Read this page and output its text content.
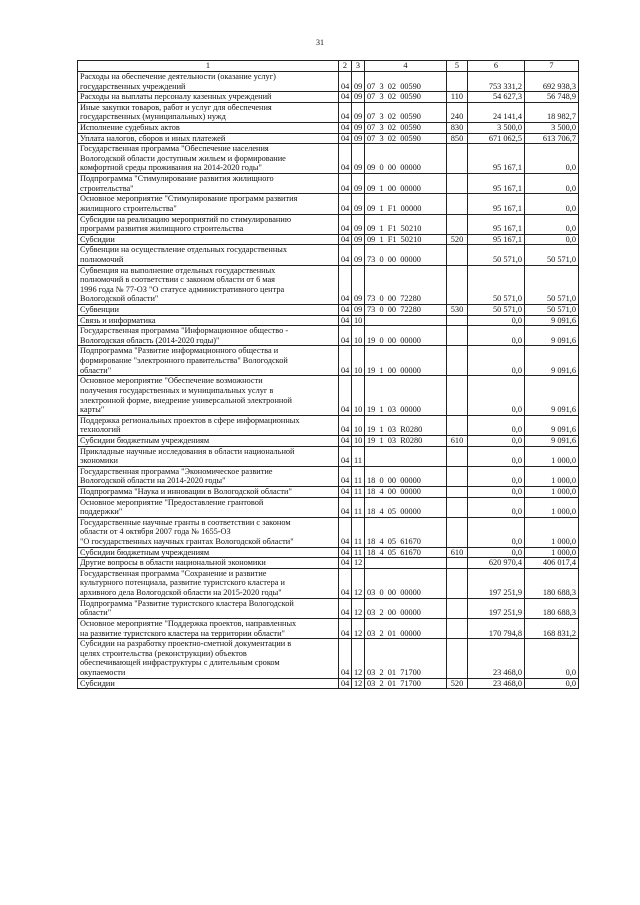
31
1	2	3	4	5	6	7

Расходы на обеспечение деятельности (оказание услуг)
государственных учреждений	04	09	07  3  02  00590		753 331,2	692 938,3

Расходы на выплаты персоналу казенных учреждений	04	09	07  3  02  00590	110	54 627,3	56 748,9

Иные закупки товаров, работ и услуг для обеспечения
государственных (муниципальных) нужд	04	09	07  3  02  00590	240	24 141,4	18 982,7

Исполнение судебных актов	04	09	07  3  02  00590	830	3 500,0	3 500,0

Уплата налогов, сборов и иных платежей	04	09	07  3  02  00590	850	671 062,5	613 706,7

Государственная программа "Обеспечение населения
Вологодской области доступным жильем и формирование
комфортной среды проживания на 2014-2020 годы"	04	09	09  0  00  00000		95 167,1	0,0

Подпрограмма "Стимулирование развития жилищного
строительства"	04	09	09  1  00  00000		95 167,1	0,0

Основное мероприятие "Стимулирование программ развития
жилищного строительства"	04	09	09  1  F1  00000		95 167,1	0,0

Субсидии на реализацию мероприятий по стимулированию
программ развития жилищного строительства	04	09	09  1  F1  50210		95 167,1	0,0

Субсидии	04	09	09  1  F1  50210	520	95 167,1	0,0

Субвенции на осуществление отдельных государственных
полномочий	04	09	73  0  00  00000		50 571,0	50 571,0

Субвенция на выполнение отдельных государственных
полномочий в соответствии с законом области от 6 мая
1996 года № 77-ОЗ "О статусе административного центра
Вологодской области"	04	09	73  0  00  72280		50 571,0	50 571,0

Субвенции	04	09	73  0  00  72280	530	50 571,0	50 571,0

Связь и информатика	04	10			0,0	9 091,6

Государственная программа "Информационное общество -
Вологодская область (2014-2020 годы)"	04	10	19  0  00  00000		0,0	9 091,6

Подпрограмма "Развитие информационного общества и
формирование "электронного правительства" Вологодской
области"	04	10	19  1  00  00000		0,0	9 091,6

Основное мероприятие "Обеспечение возможности
получения государственных и муниципальных услуг в
электронной форме, внедрение универсальной электронной
карты"	04	10	19  1  03  00000		0,0	9 091,6

Поддержка региональных проектов в сфере информационных
технологий	04	10	19  1  03  R0280		0,0	9 091,6

Субсидии бюджетным учреждениям	04	10	19  1  03  R0280	610	0,0	9 091,6

Прикладные научные исследования в области национальной
экономики	04	11			0,0	1 000,0

Государственная программа "Экономическое развитие
Вологодской области на 2014-2020 годы"	04	11	18  0  00  00000		0,0	1 000,0

Подпрограмма "Наука и инновации в Вологодской области"	04	11	18  4  00  00000		0,0	1 000,0

Основное мероприятие "Предоставление грантовой
поддержки"	04	11	18  4  05  00000		0,0	1 000,0

Государственные научные гранты в соответствии с законом
области от 4 октября 2007 года № 1655-ОЗ
"О государственных научных грантах Вологодской области"	04	11	18  4  05  61670		0,0	1 000,0

Субсидии бюджетным учреждениям	04	11	18  4  05  61670	610	0,0	1 000,0

Другие вопросы в области национальной экономики	04	12			620 970,4	406 017,4

Государственная программа "Сохранение и развитие
культурного потенциала, развитие туристского кластера и
архивного дела Вологодской области на 2015-2020 годы"	04	12	03  0  00  00000		197 251,9	180 688,3

Подпрограмма "Развитие туристского кластера Вологодской
области"	04	12	03  2  00  00000		197 251,9	180 688,3

Основное мероприятие "Поддержка проектов, направленных
на развитие туристского кластера на территории области"	04	12	03  2  01  00000		170 794,8	168 831,2

Субсидии на разработку проектно-сметной документации в
целях строительства (реконструкции) объектов
обеспечивающей инфраструктуры с длительным сроком
окупаемости	04	12	03  2  01  71700		23 468,0	0,0

Субсидии	04	12	03  2  01  71700	520	23 468,0	0,0
